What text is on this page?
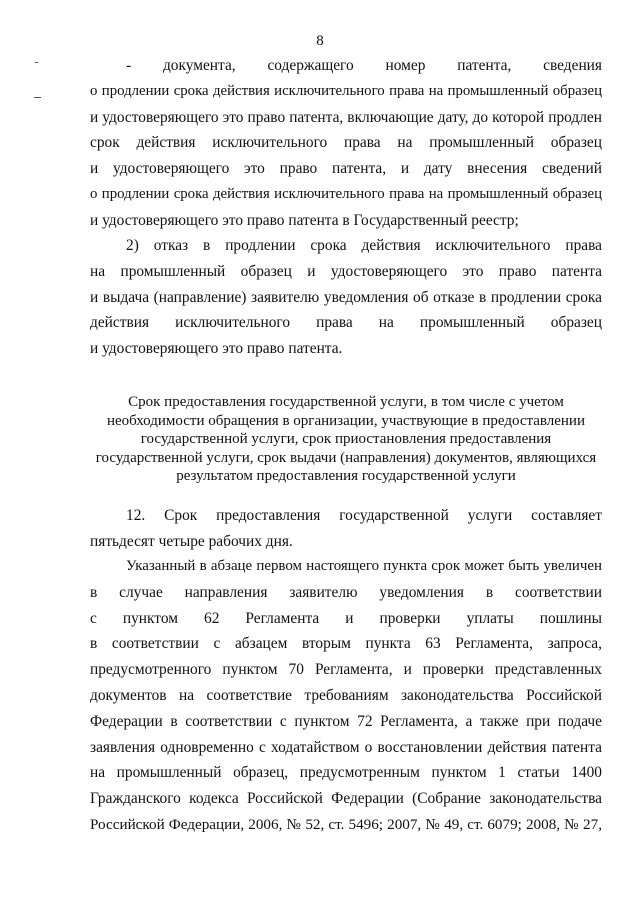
8
- документа, содержащего номер патента, сведения
о продлении срока действия исключительного права на промышленный образец
и удостоверяющего это право патента, включающие дату, до которой продлен
срок действия исключительного права на промышленный образец
и удостоверяющего это право патента, и дату внесения сведений
о продлении срока действия исключительного права на промышленный образец
и удостоверяющего это право патента в Государственный реестр;
2) отказ в продлении срока действия исключительного права
на промышленный образец и удостоверяющего это право патента
и выдача (направление) заявителю уведомления об отказе в продлении срока
действия исключительного права на промышленный образец
и удостоверяющего это право патента.
Срок предоставления государственной услуги, в том числе с учетом
необходимости обращения в организации, участвующие в предоставлении
государственной услуги, срок приостановления предоставления
государственной услуги, срок выдачи (направления) документов, являющихся
результатом предоставления государственной услуги
12. Срок предоставления государственной услуги составляет
пятьдесят четыре рабочих дня.
Указанный в абзаце первом настоящего пункта срок может быть увеличен
в случае направления заявителю уведомления в соответствии
с пунктом 62 Регламента и проверки уплаты пошлины
в соответствии с абзацем вторым пункта 63 Регламента, запроса,
предусмотренного пунктом 70 Регламента, и проверки представленных
документов на соответствие требованиям законодательства Российской
Федерации в соответствии с пунктом 72 Регламента, а также при подаче
заявления одновременно с ходатайством о восстановлении действия патента
на промышленный образец, предусмотренным пунктом 1 статьи 1400
Гражданского кодекса Российской Федерации (Собрание законодательства
Российской Федерации, 2006, № 52, ст. 5496; 2007, № 49, ст. 6079; 2008, № 27,
